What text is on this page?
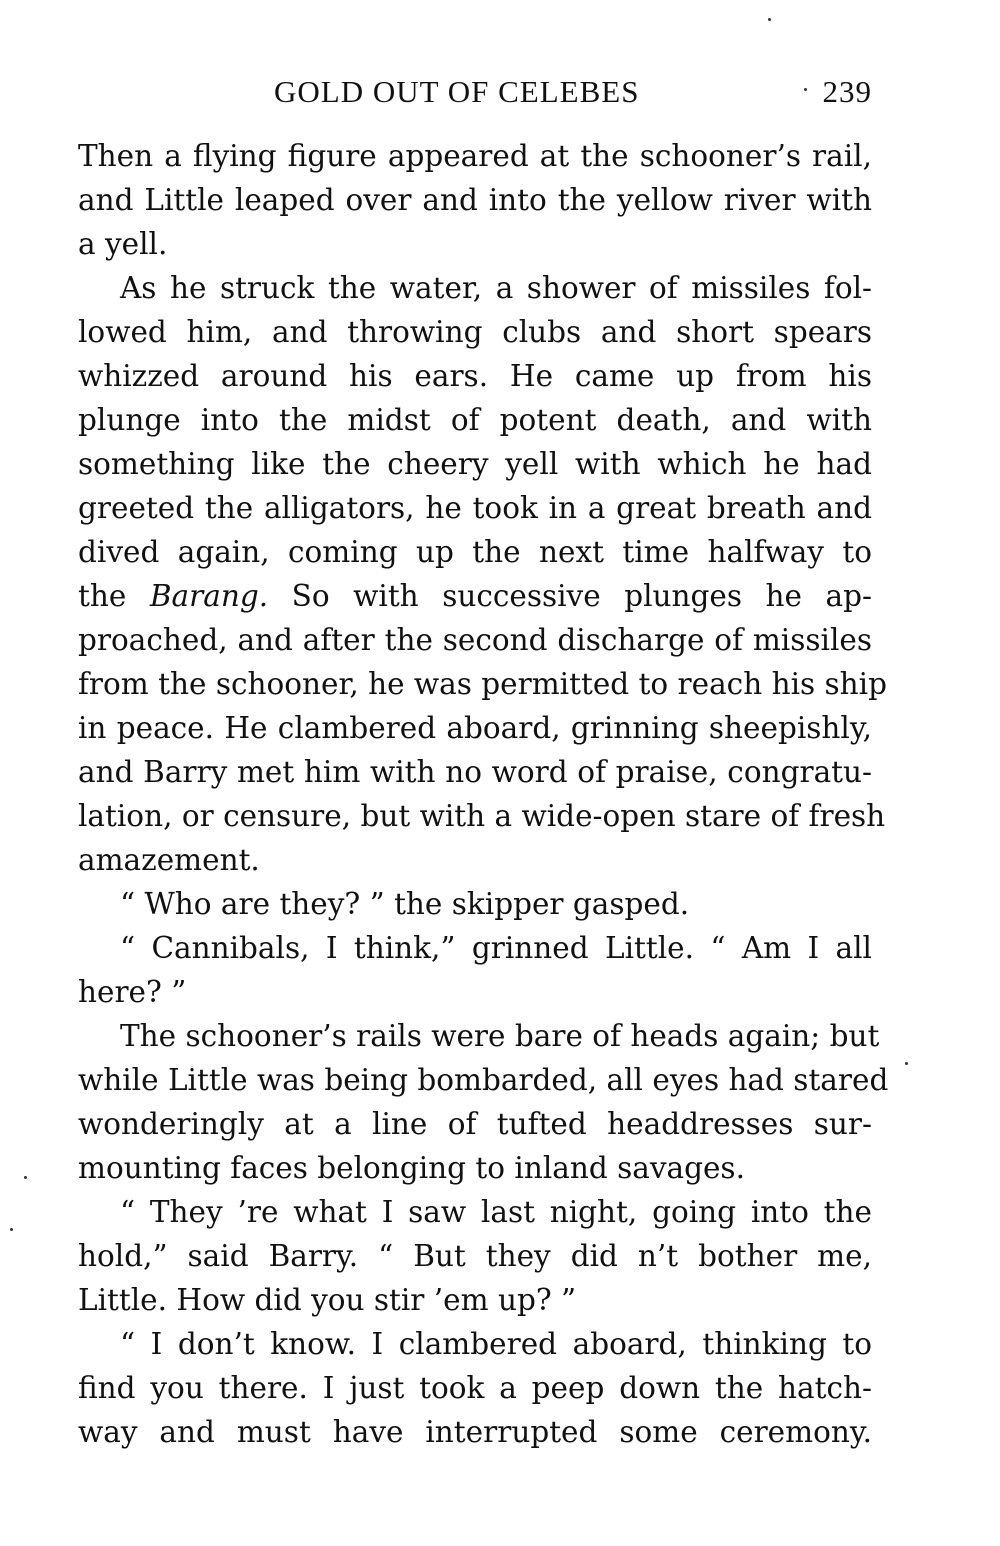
GOLD OUT OF CELEBES	239
Then a flying figure appeared at the schooner’s rail,
and Little leaped over and into the yellow river with
a yell.
As he struck the water, a shower of missiles fol-
lowed him, and throwing clubs and short spears
whizzed around his ears. He came up from his
plunge into the midst of potent death, and with
something like the cheery yell with which he had
greeted the alligators, he took in a great breath and
dived again, coming up the next time halfway to
the Barang. So with successive plunges he ap-
proached, and after the second discharge of missiles
from the schooner, he was permitted to reach his ship
in peace. He clambered aboard, grinning sheepishly,
and Barry met him with no word of praise, congratu-
lation, or censure, but with a wide-open stare of fresh
amazement.
“ Who are they? ” the skipper gasped.
“ Cannibals, I think,” grinned Little. “ Am I all
here? ”
The schooner’s rails were bare of heads again; but
while Little was being bombarded, all eyes had stared
wonderingly at a line of tufted headdresses sur-
mounting faces belonging to inland savages.
“ They ’re what I saw last night, going into the
hold,” said Barry. “ But they did n’t bother me,
Little. How did you stir ’em up? ”
“ I don’t know. I clambered aboard, thinking to
find you there. I just took a peep down the hatch-
way and must have interrupted some ceremony.
